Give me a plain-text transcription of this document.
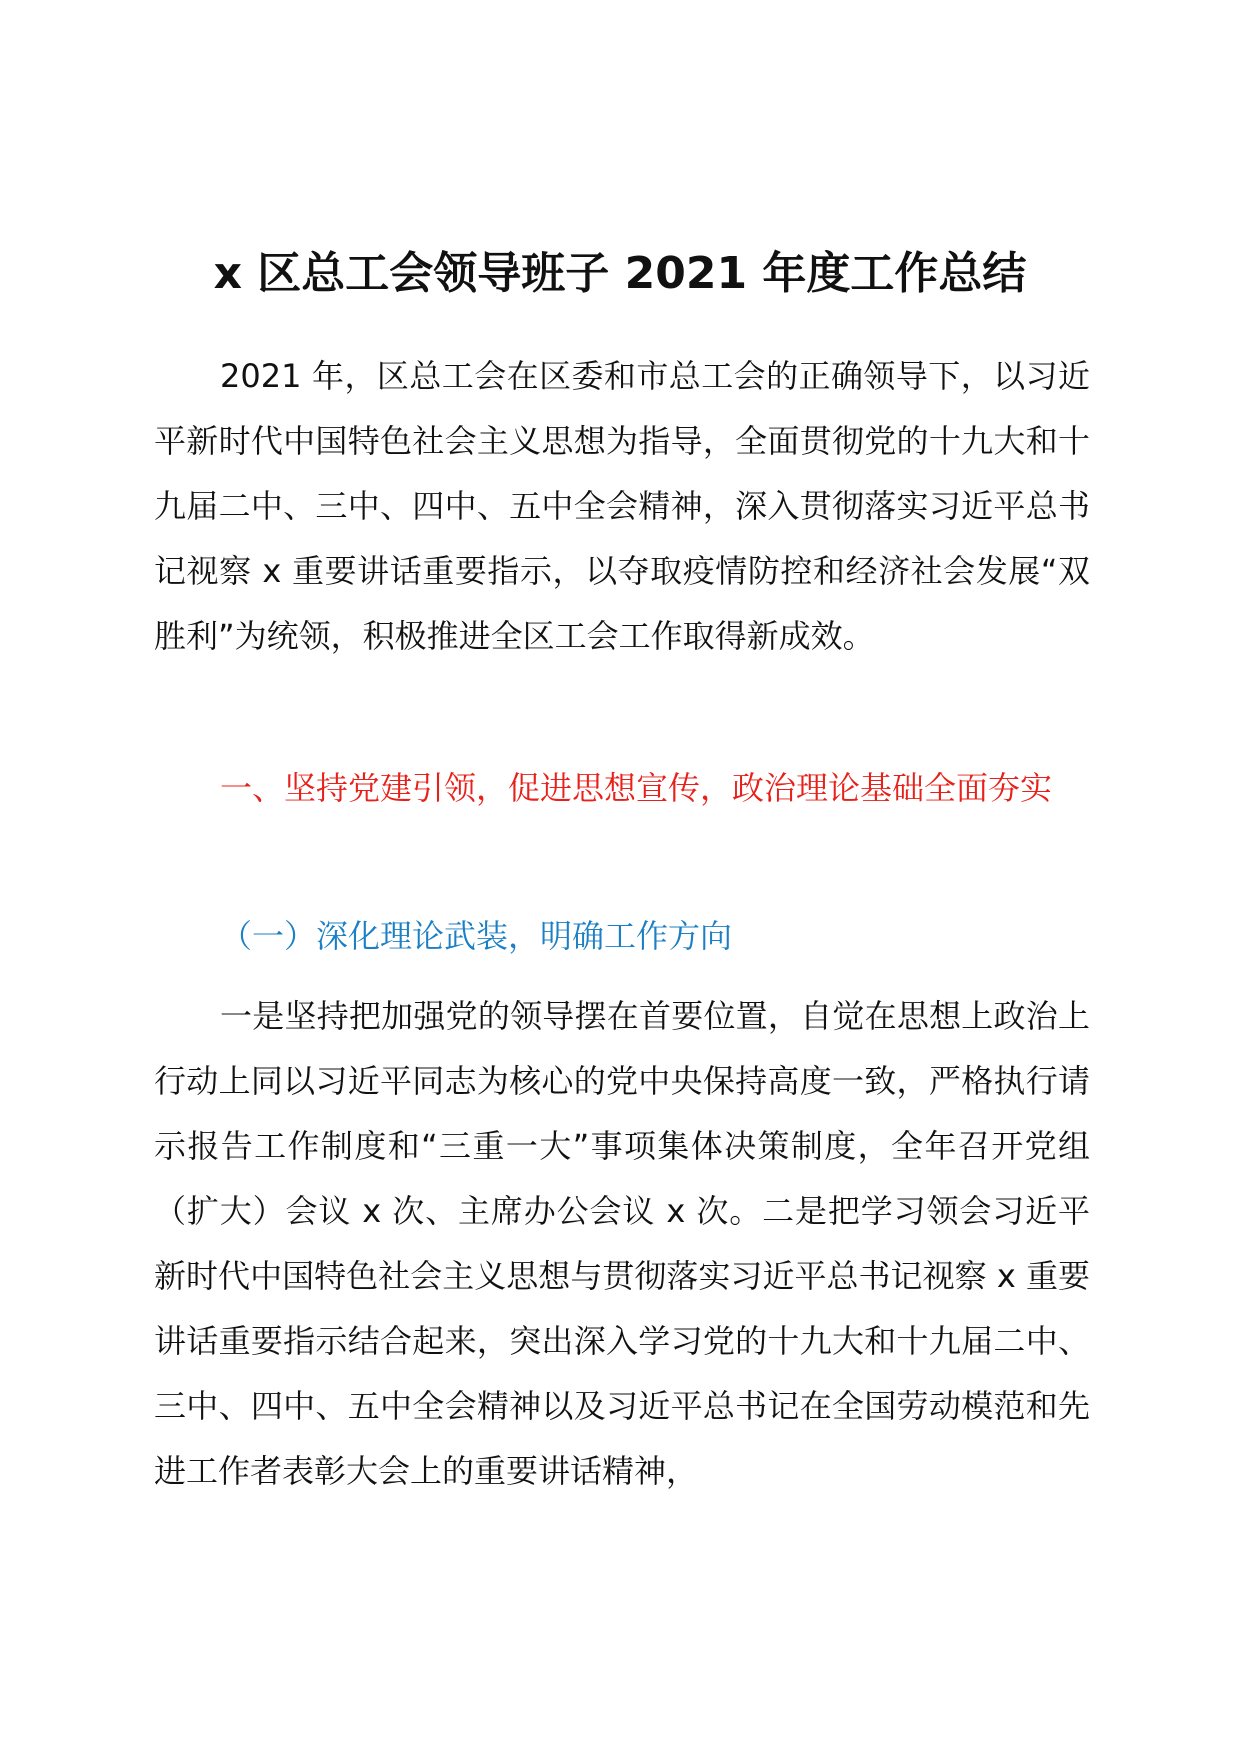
x 区总工会领导班子 2021 年度工作总结

2021 年，区总工会在区委和市总工会的正确领导下，以习近平新时代中国特色社会主义思想为指导，全面贯彻党的十九大和十九届二中、三中、四中、五中全会精神，深入贯彻落实习近平总书记视察 x 重要讲话重要指示，以夺取疫情防控和经济社会发展“双胜利”为统领，积极推进全区工会工作取得新成效。

一、坚持党建引领，促进思想宣传，政治理论基础全面夯实

（一）深化理论武装，明确工作方向

一是坚持把加强党的领导摆在首要位置，自觉在思想上政治上行动上同以习近平同志为核心的党中央保持高度一致，严格执行请示报告工作制度和“三重一大”事项集体决策制度，全年召开党组（扩大）会议 x 次、主席办公会议 x 次。二是把学习领会习近平新时代中国特色社会主义思想与贯彻落实习近平总书记视察 x 重要讲话重要指示结合起来，突出深入学习党的十九大和十九届二中、三中、四中、五中全会精神以及习近平总书记在全国劳动模范和先进工作者表彰大会上的重要讲话精神，
